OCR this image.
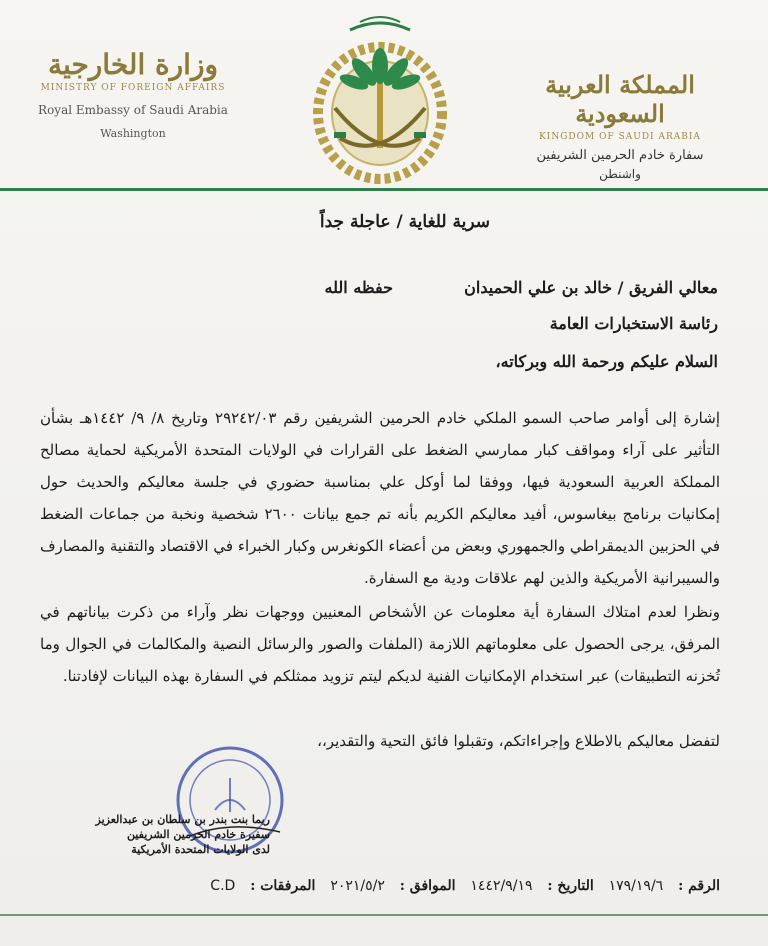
وزارة الخارجية
MINISTRY OF FOREIGN AFFAIRS
Royal Embassy of Saudi Arabia
Washington
المملكة العربية السعودية
KINGDOM OF SAUDI ARABIA
سفارة خادم الحرمين الشريفين
واشنطن
سرية للغاية / عاجلة جداً
معالي الفريق / خالد بن علي الحميدان
حفظه الله
رئاسة الاستخبارات العامة
السلام عليكم ورحمة الله وبركاته،
إشارة إلى أوامر صاحب السمو الملكي خادم الحرمين الشريفين رقم ٢٩٢٤٢/٠٣ وتاريخ ٨/ ٩/ ١٤٤٢هـ بشأن التأثير على آراء ومواقف كبار ممارسي الضغط على القرارات في الولايات المتحدة الأمريكية لحماية مصالح المملكة العربية السعودية فيها، ووفقا لما أوكل علي بمناسبة حضوري في جلسة معاليكم والحديث حول إمكانيات برنامج بيغاسوس، أفيد معاليكم الكريم بأنه تم جمع بيانات ٢٦٠٠ شخصية ونخبة من جماعات الضغط في الحزبين الديمقراطي والجمهوري وبعض من أعضاء الكونغرس وكبار الخبراء في الاقتصاد والتقنية والمصارف والسيبرانية الأمريكية والذين لهم علاقات ودية مع السفارة.
ونظرا لعدم امتلاك السفارة أية معلومات عن الأشخاص المعنيين ووجهات نظر وآراء من ذكرت بياناتهم في المرفق، يرجى الحصول على معلوماتهم اللازمة (الملفات والصور والرسائل النصية والمكالمات في الجوال وما تُخزنه التطبيقات) عبر استخدام الإمكانيات الفنية لديكم ليتم تزويد ممثلكم في السفارة بهذه البيانات لإفادتنا.
لتفضل معاليكم بالاطلاع وإجراءاتكم، وتقبلوا فائق التحية والتقدير،،
ريما بنت بندر بن سلطان بن عبدالعزيز
سفيرة خادم الحرمين الشريفين
لدى الولايات المتحدة الأمريكية
الرقم : ١٧٩/١٩/٦ التاريخ : ١٤٤٢/٩/١٩ الموافق : ٢٠٢١/٥/٢ المرفقات : C.D
